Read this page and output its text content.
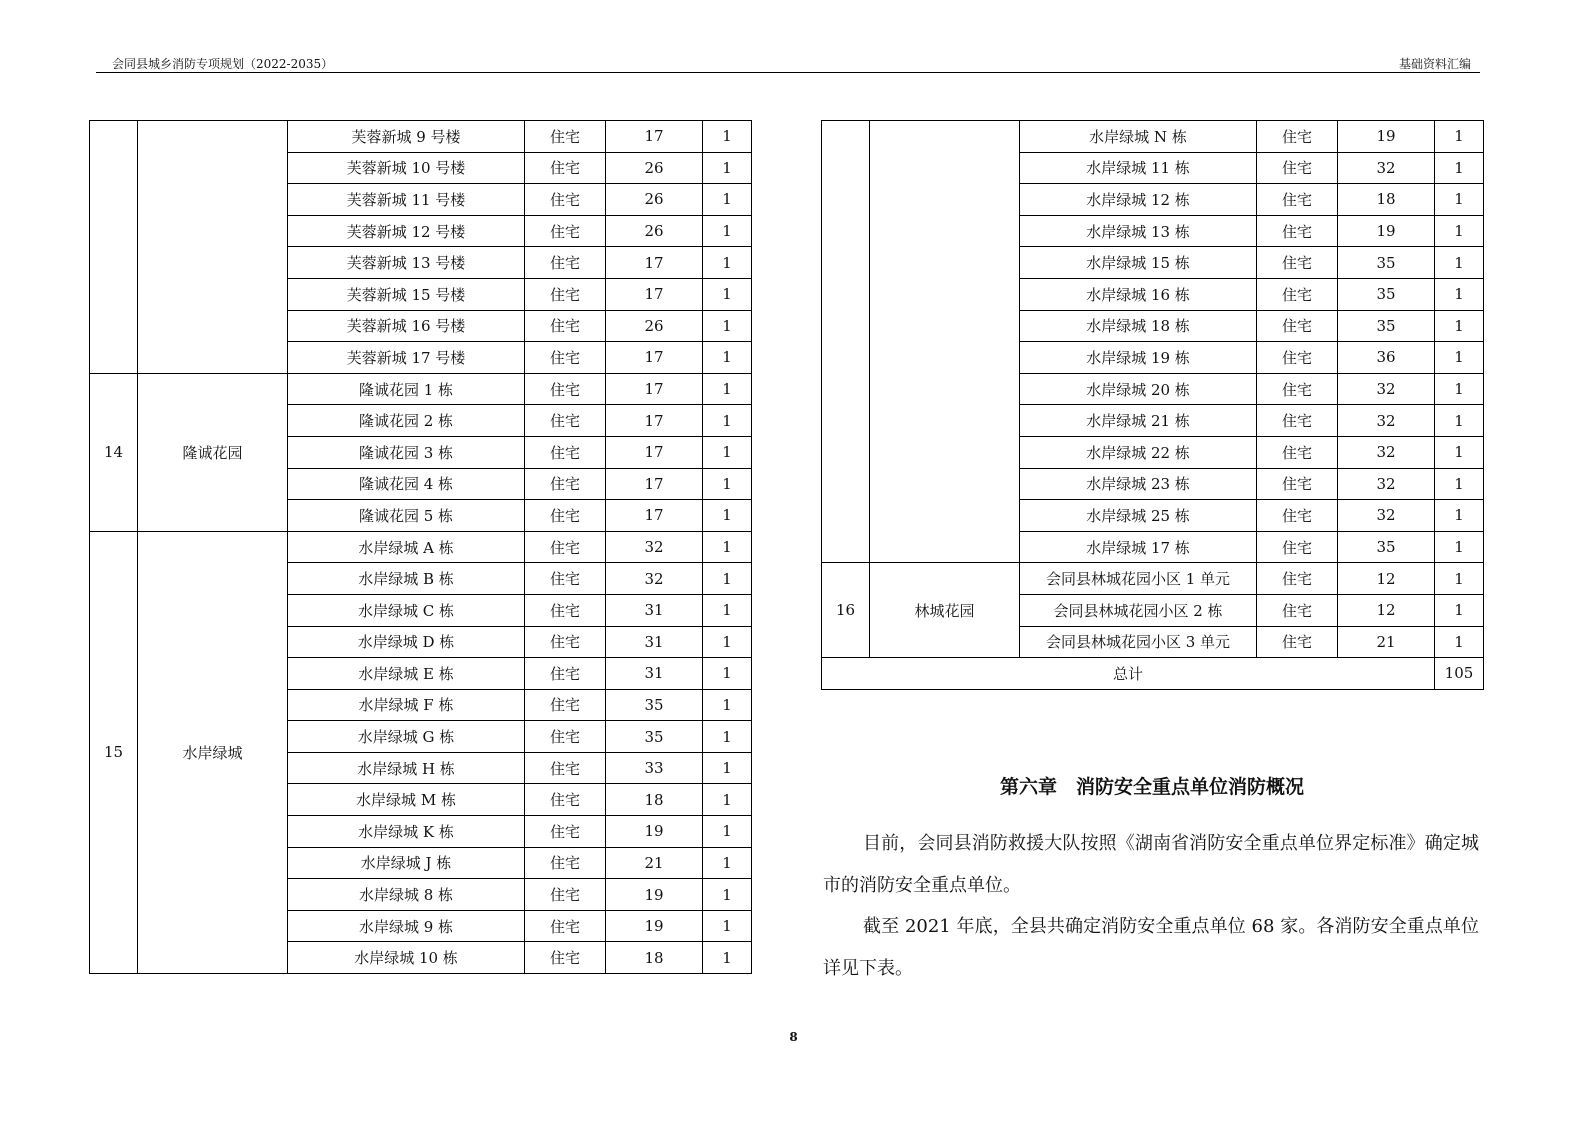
会同县城乡消防专项规划（2022-2035）	基础资料汇编
		芙蓉新城 9 号楼	住宅	17	1
		芙蓉新城 10 号楼	住宅	26	1
		芙蓉新城 11 号楼	住宅	26	1
		芙蓉新城 12 号楼	住宅	26	1
		芙蓉新城 13 号楼	住宅	17	1
		芙蓉新城 15 号楼	住宅	17	1
		芙蓉新城 16 号楼	住宅	26	1
		芙蓉新城 17 号楼	住宅	17	1
14	隆诚花园	隆诚花园 1 栋	住宅	17	1
		隆诚花园 2 栋	住宅	17	1
		隆诚花园 3 栋	住宅	17	1
		隆诚花园 4 栋	住宅	17	1
		隆诚花园 5 栋	住宅	17	1
15	水岸绿城	水岸绿城 A 栋	住宅	32	1
		水岸绿城 B 栋	住宅	32	1
		水岸绿城 C 栋	住宅	31	1
		水岸绿城 D 栋	住宅	31	1
		水岸绿城 E 栋	住宅	31	1
		水岸绿城 F 栋	住宅	35	1
		水岸绿城 G 栋	住宅	35	1
		水岸绿城 H 栋	住宅	33	1
		水岸绿城 M 栋	住宅	18	1
		水岸绿城 K 栋	住宅	19	1
		水岸绿城 J 栋	住宅	21	1
		水岸绿城 8 栋	住宅	19	1
		水岸绿城 9 栋	住宅	19	1
		水岸绿城 10 栋	住宅	18	1
		水岸绿城 N 栋	住宅	19	1
		水岸绿城 11 栋	住宅	32	1
		水岸绿城 12 栋	住宅	18	1
		水岸绿城 13 栋	住宅	19	1
		水岸绿城 15 栋	住宅	35	1
		水岸绿城 16 栋	住宅	35	1
		水岸绿城 18 栋	住宅	35	1
		水岸绿城 19 栋	住宅	36	1
		水岸绿城 20 栋	住宅	32	1
		水岸绿城 21 栋	住宅	32	1
		水岸绿城 22 栋	住宅	32	1
		水岸绿城 23 栋	住宅	32	1
		水岸绿城 25 栋	住宅	32	1
		水岸绿城 17 栋	住宅	35	1
16	林城花园	会同县林城花园小区 1 单元	住宅	12	1
		会同县林城花园小区 2 栋	住宅	12	1
		会同县林城花园小区 3 单元	住宅	21	1
总计					105
第六章　消防安全重点单位消防概况

目前，会同县消防救援大队按照《湖南省消防安全重点单位界定标准》确定城市的消防安全重点单位。

截至 2021 年底，全县共确定消防安全重点单位 68 家。各消防安全重点单位详见下表。

8
